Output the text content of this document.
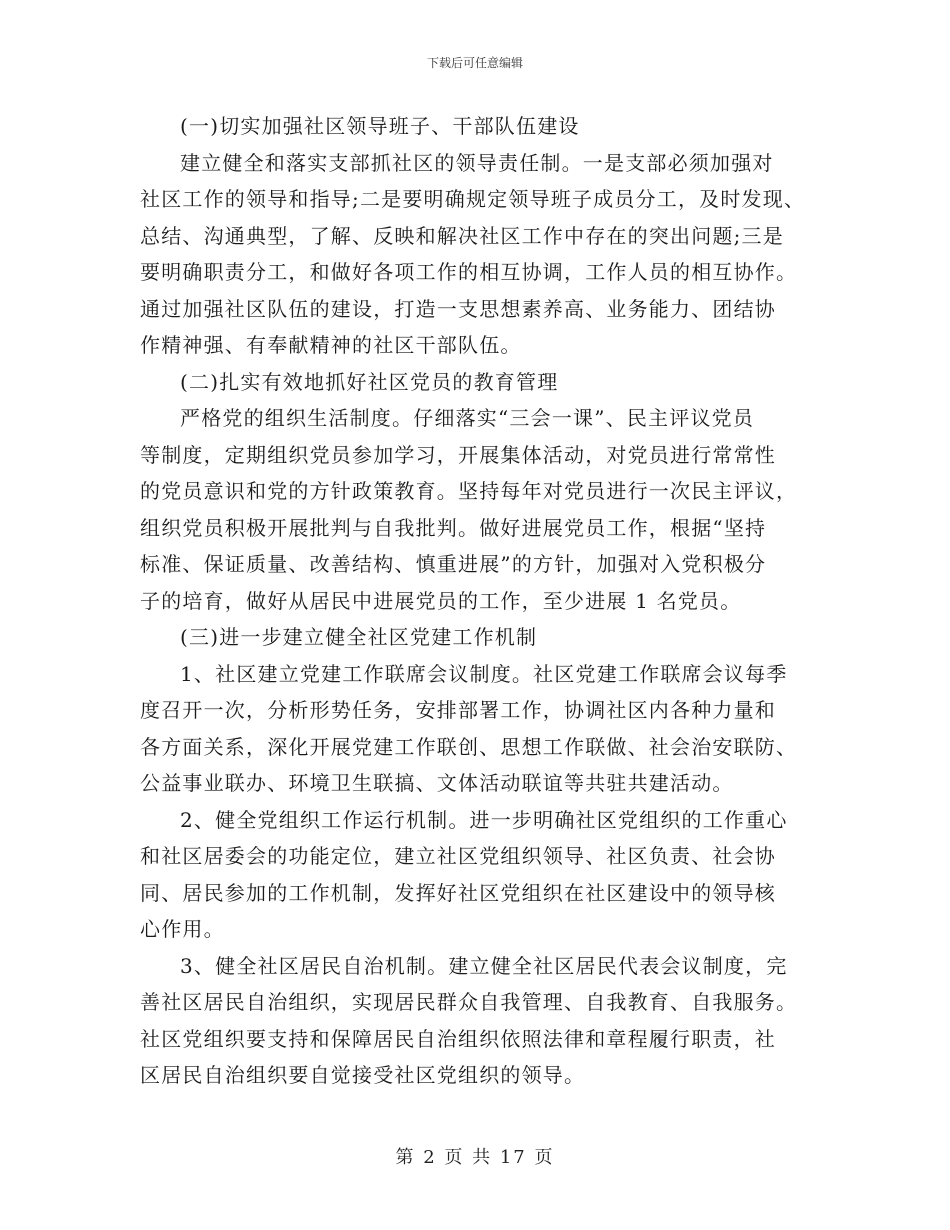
下载后可任意编辑
(一)切实加强社区领导班子、干部队伍建设

建立健全和落实支部抓社区的领导责任制。一是支部必须加强对
社区工作的领导和指导;二是要明确规定领导班子成员分工，及时发现、
总结、沟通典型，了解、反映和解决社区工作中存在的突出问题;三是
要明确职责分工，和做好各项工作的相互协调，工作人员的相互协作。
通过加强社区队伍的建设，打造一支思想素养高、业务能力、团结协
作精神强、有奉献精神的社区干部队伍。

(二)扎实有效地抓好社区党员的教育管理

严格党的组织生活制度。仔细落实“三会一课”、民主评议党员
等制度，定期组织党员参加学习，开展集体活动，对党员进行常常性
的党员意识和党的方针政策教育。坚持每年对党员进行一次民主评议，
组织党员积极开展批判与自我批判。做好进展党员工作，根据“坚持
标准、保证质量、改善结构、慎重进展”的方针，加强对入党积极分
子的培育，做好从居民中进展党员的工作，至少进展 1 名党员。

(三)进一步建立健全社区党建工作机制

1、社区建立党建工作联席会议制度。社区党建工作联席会议每季
度召开一次，分析形势任务，安排部署工作，协调社区内各种力量和
各方面关系，深化开展党建工作联创、思想工作联做、社会治安联防、
公益事业联办、环境卫生联搞、文体活动联谊等共驻共建活动。

2、健全党组织工作运行机制。进一步明确社区党组织的工作重心
和社区居委会的功能定位，建立社区党组织领导、社区负责、社会协
同、居民参加的工作机制，发挥好社区党组织在社区建设中的领导核
心作用。

3、健全社区居民自治机制。建立健全社区居民代表会议制度，完
善社区居民自治组织，实现居民群众自我管理、自我教育、自我服务。
社区党组织要支持和保障居民自治组织依照法律和章程履行职责，社
区居民自治组织要自觉接受社区党组织的领导。

第 2 页 共 17 页
